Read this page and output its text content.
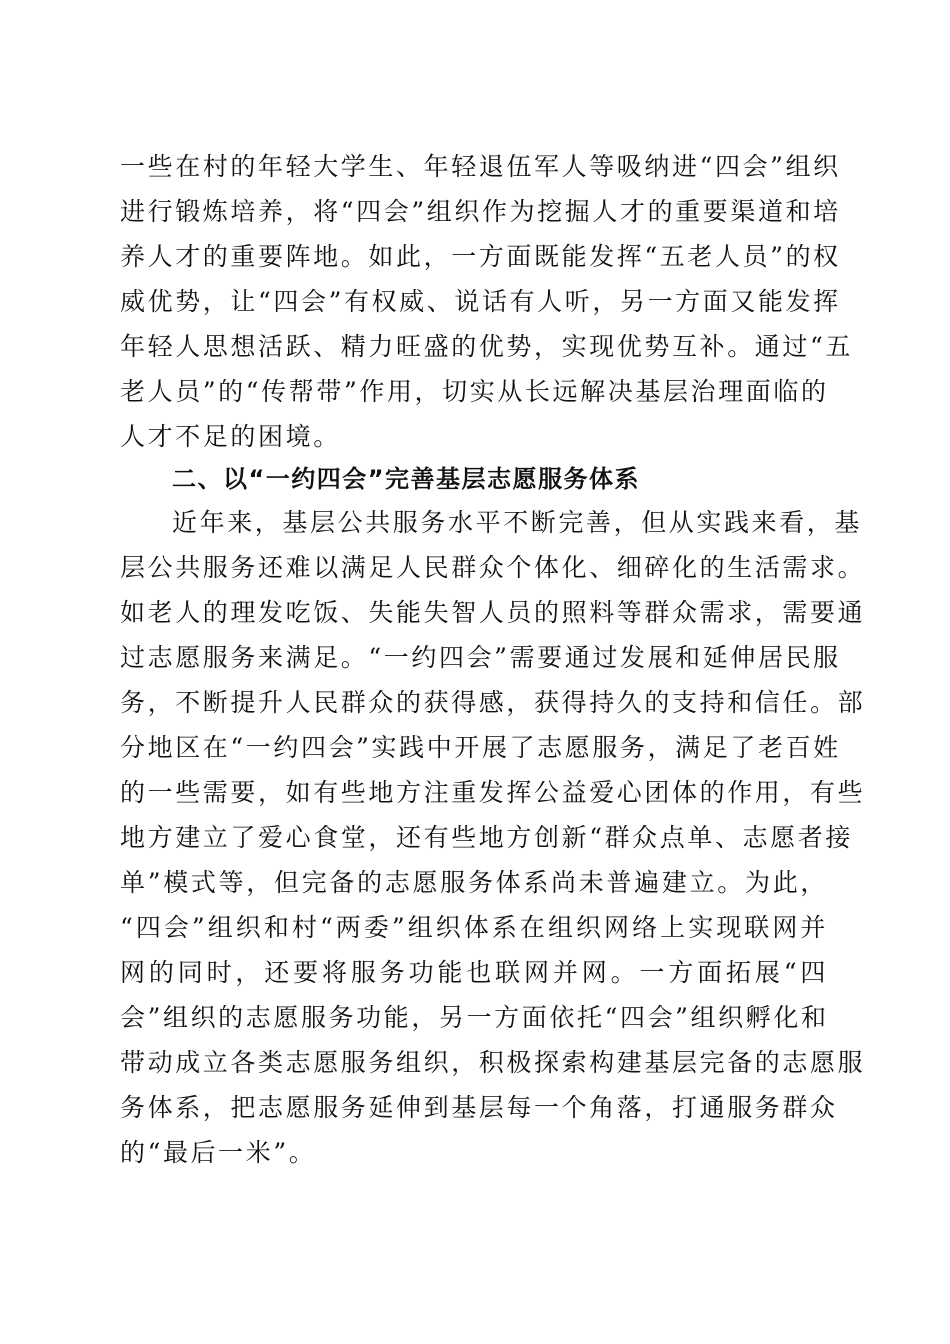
一些在村的年轻大学生、年轻退伍军人等吸纳进“四会”组织
进行锻炼培养，将“四会”组织作为挖掘人才的重要渠道和培
养人才的重要阵地。如此，一方面既能发挥“五老人员”的权
威优势，让“四会”有权威、说话有人听，另一方面又能发挥
年轻人思想活跃、精力旺盛的优势，实现优势互补。通过“五
老人员”的“传帮带”作用，切实从长远解决基层治理面临的
人才不足的困境。
二、以“一约四会”完善基层志愿服务体系
近年来，基层公共服务水平不断完善，但从实践来看，基
层公共服务还难以满足人民群众个体化、细碎化的生活需求。
如老人的理发吃饭、失能失智人员的照料等群众需求，需要通
过志愿服务来满足。“一约四会”需要通过发展和延伸居民服
务，不断提升人民群众的获得感，获得持久的支持和信任。部
分地区在“一约四会”实践中开展了志愿服务，满足了老百姓
的一些需要，如有些地方注重发挥公益爱心团体的作用，有些
地方建立了爱心食堂，还有些地方创新“群众点单、志愿者接
单”模式等，但完备的志愿服务体系尚未普遍建立。为此，
“四会”组织和村“两委”组织体系在组织网络上实现联网并
网的同时，还要将服务功能也联网并网。一方面拓展“四
会”组织的志愿服务功能，另一方面依托“四会”组织孵化和
带动成立各类志愿服务组织，积极探索构建基层完备的志愿服
务体系，把志愿服务延伸到基层每一个角落，打通服务群众
的“最后一米”。
